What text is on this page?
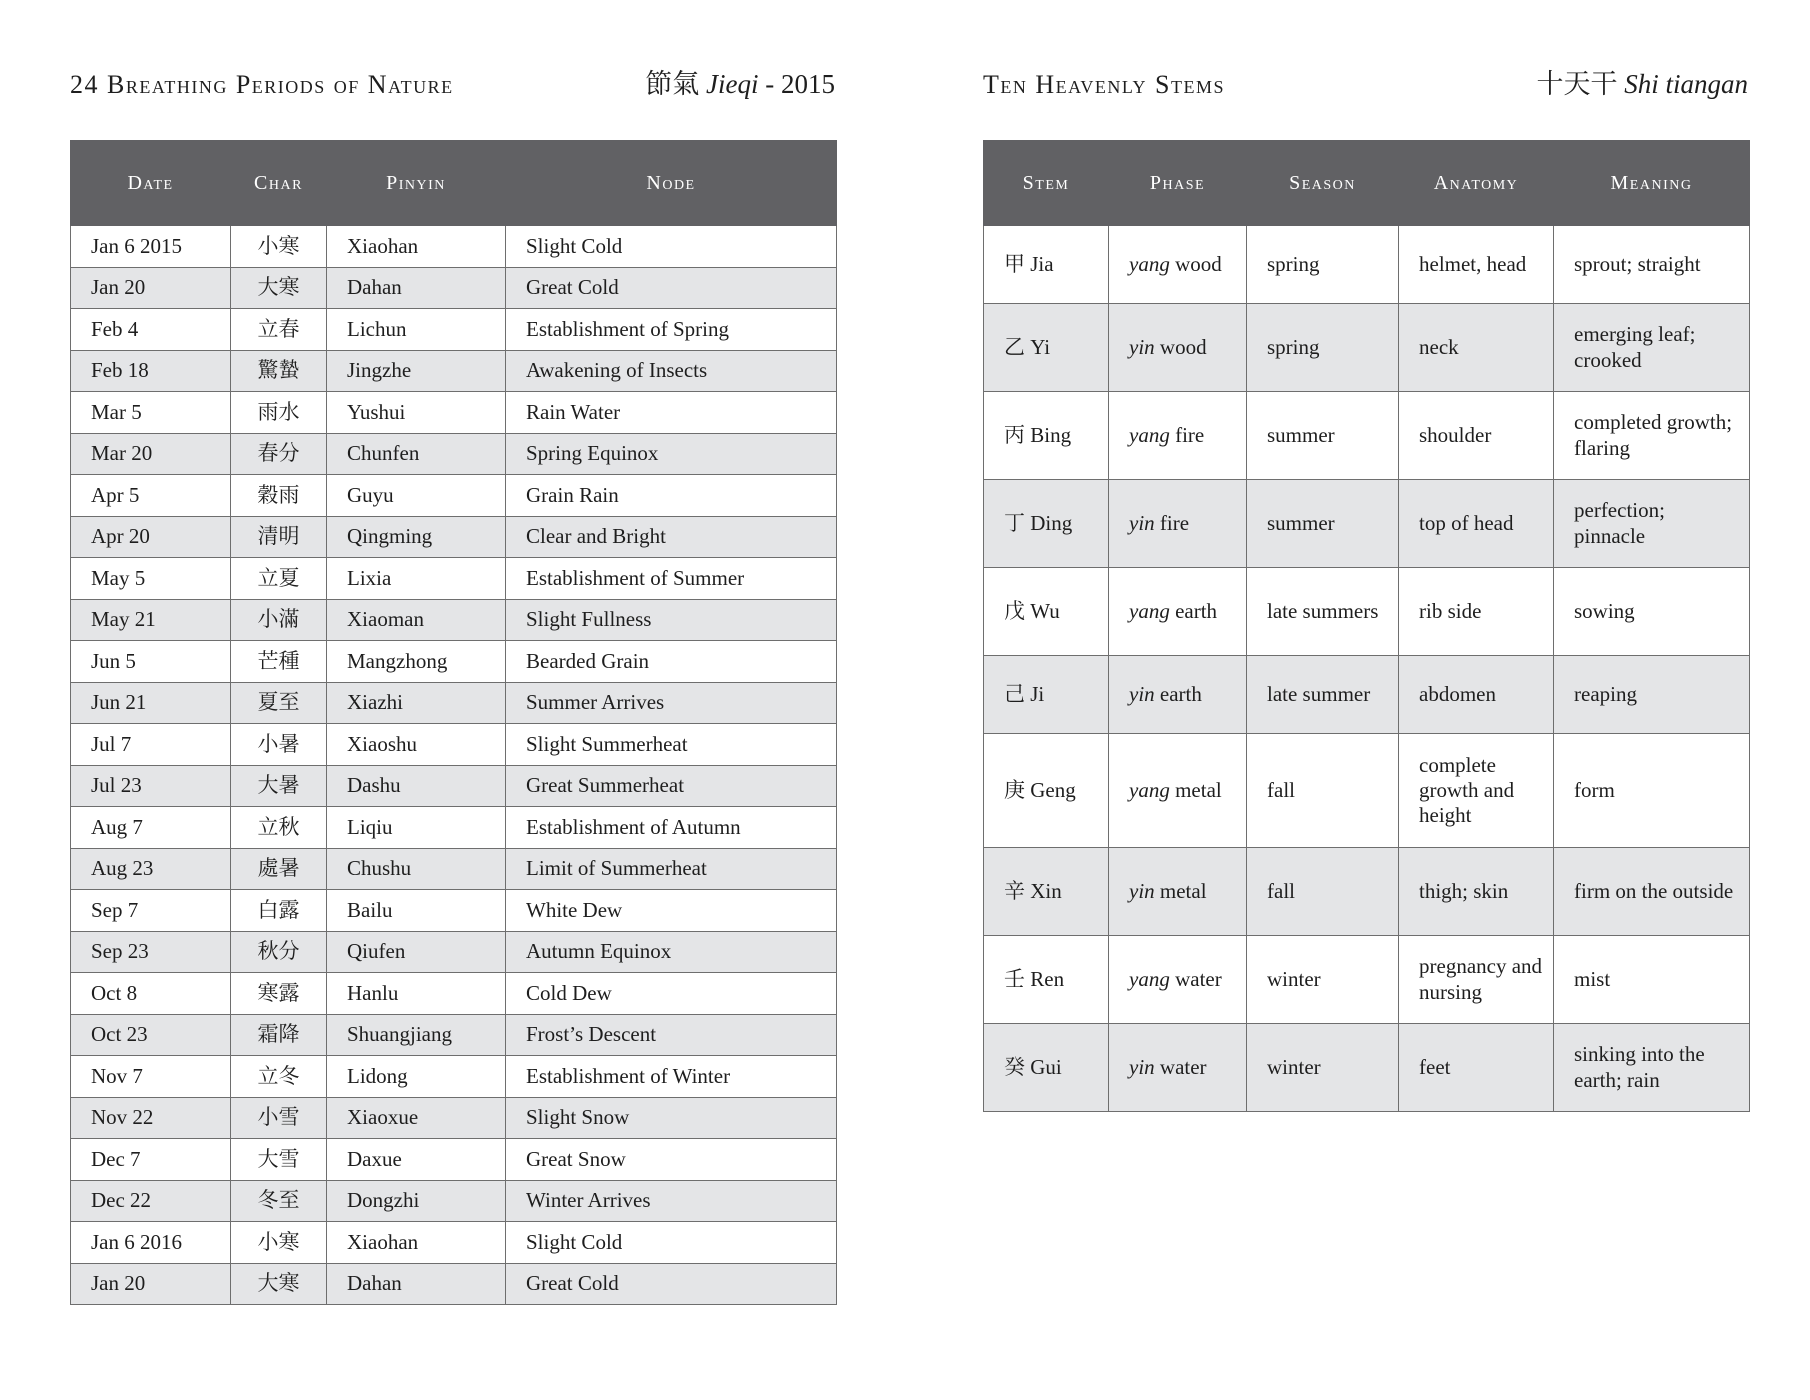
24 Breathing Periods of Nature	節氣 Jieqi - 2015	Ten Heavenly Stems	十天干 Shi tiangan
Date	Char	Pinyin	Node
Jan 6 2015	小寒	Xiaohan	Slight Cold
Jan 20	大寒	Dahan	Great Cold
Feb 4	立春	Lichun	Establishment of Spring
Feb 18	驚蟄	Jingzhe	Awakening of Insects
Mar 5	雨水	Yushui	Rain Water
Mar 20	春分	Chunfen	Spring Equinox
Apr 5	穀雨	Guyu	Grain Rain
Apr 20	清明	Qingming	Clear and Bright
May 5	立夏	Lixia	Establishment of Summer
May 21	小滿	Xiaoman	Slight Fullness
Jun 5	芒種	Mangzhong	Bearded Grain
Jun 21	夏至	Xiazhi	Summer Arrives
Jul 7	小暑	Xiaoshu	Slight Summerheat
Jul 23	大暑	Dashu	Great Summerheat
Aug 7	立秋	Liqiu	Establishment of Autumn
Aug 23	處暑	Chushu	Limit of Summerheat
Sep 7	白露	Bailu	White Dew
Sep 23	秋分	Qiufen	Autumn Equinox
Oct 8	寒露	Hanlu	Cold Dew
Oct 23	霜降	Shuangjiang	Frost’s Descent
Nov 7	立冬	Lidong	Establishment of Winter
Nov 22	小雪	Xiaoxue	Slight Snow
Dec 7	大雪	Daxue	Great Snow
Dec 22	冬至	Dongzhi	Winter Arrives
Jan 6 2016	小寒	Xiaohan	Slight Cold
Jan 20	大寒	Dahan	Great Cold
Stem	Phase	Season	Anatomy	Meaning
甲 Jia	yang wood	spring	helmet, head	sprout; straight
乙 Yi	yin wood	spring	neck	emerging leaf; crooked
丙 Bing	yang fire	summer	shoulder	completed growth; flaring
丁 Ding	yin fire	summer	top of head	perfection; pinnacle
戊 Wu	yang earth	late summers	rib side	sowing
己 Ji	yin earth	late summer	abdomen	reaping
庚 Geng	yang metal	fall	complete growth and height	form
辛 Xin	yin metal	fall	thigh; skin	firm on the outside
壬 Ren	yang water	winter	pregnancy and nursing	mist
癸 Gui	yin water	winter	feet	sinking into the earth; rain
